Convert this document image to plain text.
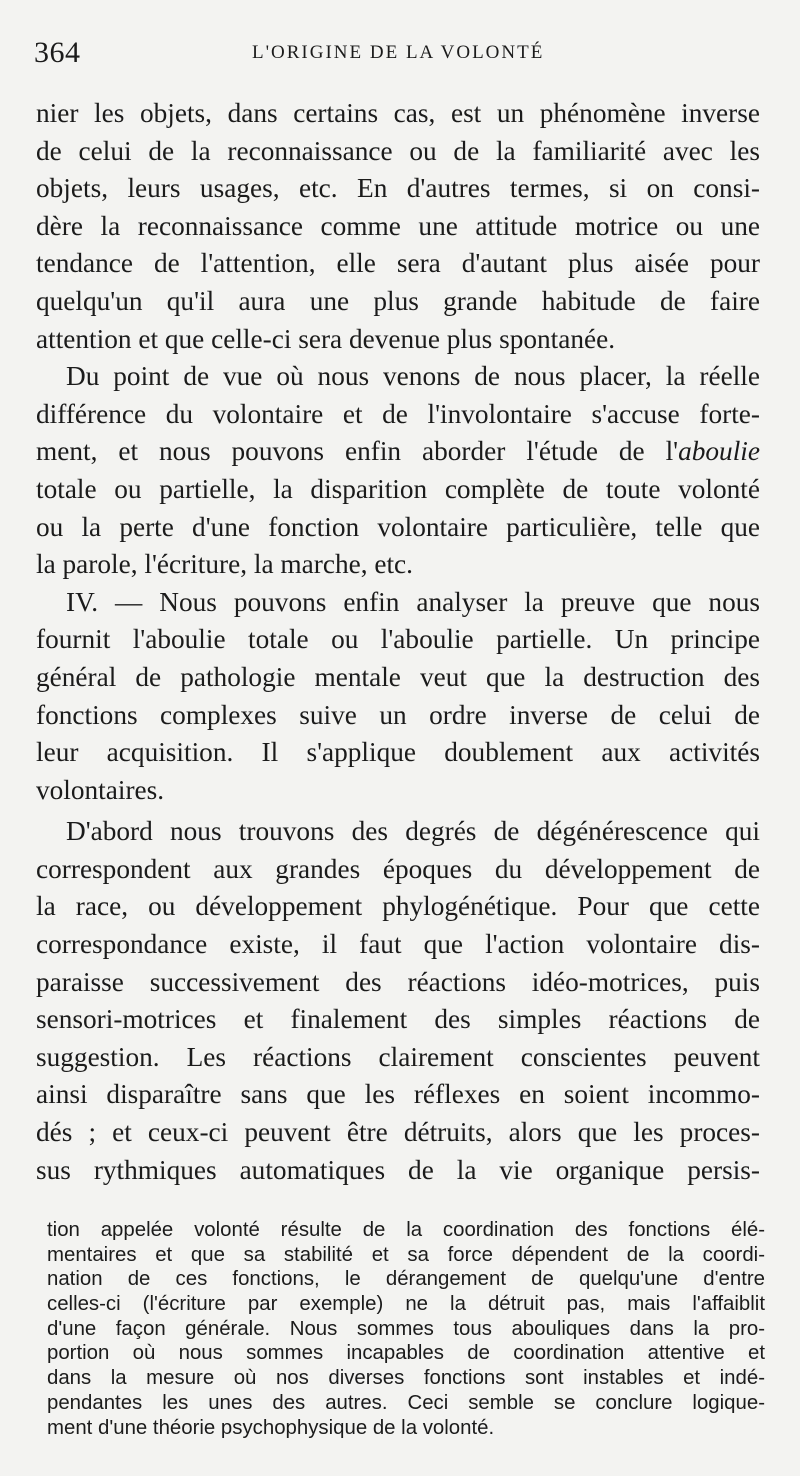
364	L'ORIGINE DE LA VOLONTÉ
nier les objets, dans certains cas, est un phénomène inverse
de celui de la reconnaissance ou de la familiarité avec les
objets, leurs usages, etc. En d'autres termes, si on consi-
dère la reconnaissance comme une attitude motrice ou une
tendance de l'attention, elle sera d'autant plus aisée pour
quelqu'un qu'il aura une plus grande habitude de faire
attention et que celle-ci sera devenue plus spontanée.
Du point de vue où nous venons de nous placer, la réelle
différence du volontaire et de l'involontaire s'accuse forte-
ment, et nous pouvons enfin aborder l'étude de l'aboulie
totale ou partielle, la disparition complète de toute volonté
ou la perte d'une fonction volontaire particulière, telle que
la parole, l'écriture, la marche, etc.
IV. — Nous pouvons enfin analyser la preuve que nous
fournit l'aboulie totale ou l'aboulie partielle. Un principe
général de pathologie mentale veut que la destruction des
fonctions complexes suive un ordre inverse de celui de
leur acquisition. Il s'applique doublement aux activités
volontaires.
D'abord nous trouvons des degrés de dégénérescence qui
correspondent aux grandes époques du développement de
la race, ou développement phylogénétique. Pour que cette
correspondance existe, il faut que l'action volontaire dis-
paraisse successivement des réactions idéo-motrices, puis
sensori-motrices et finalement des simples réactions de
suggestion. Les réactions clairement conscientes peuvent
ainsi disparaître sans que les réflexes en soient incommo-
dés ; et ceux-ci peuvent être détruits, alors que les proces-
sus rythmiques automatiques de la vie organique persis-
tion appelée volonté résulte de la coordination des fonctions élé-
mentaires et que sa stabilité et sa force dépendent de la coordi-
nation de ces fonctions, le dérangement de quelqu'une d'entre
celles-ci (l'écriture par exemple) ne la détruit pas, mais l'affaiblit
d'une façon générale. Nous sommes tous abouliques dans la pro-
portion où nous sommes incapables de coordination attentive et
dans la mesure où nos diverses fonctions sont instables et indé-
pendantes les unes des autres. Ceci semble se conclure logique-
ment d'une théorie psychophysique de la volonté.
